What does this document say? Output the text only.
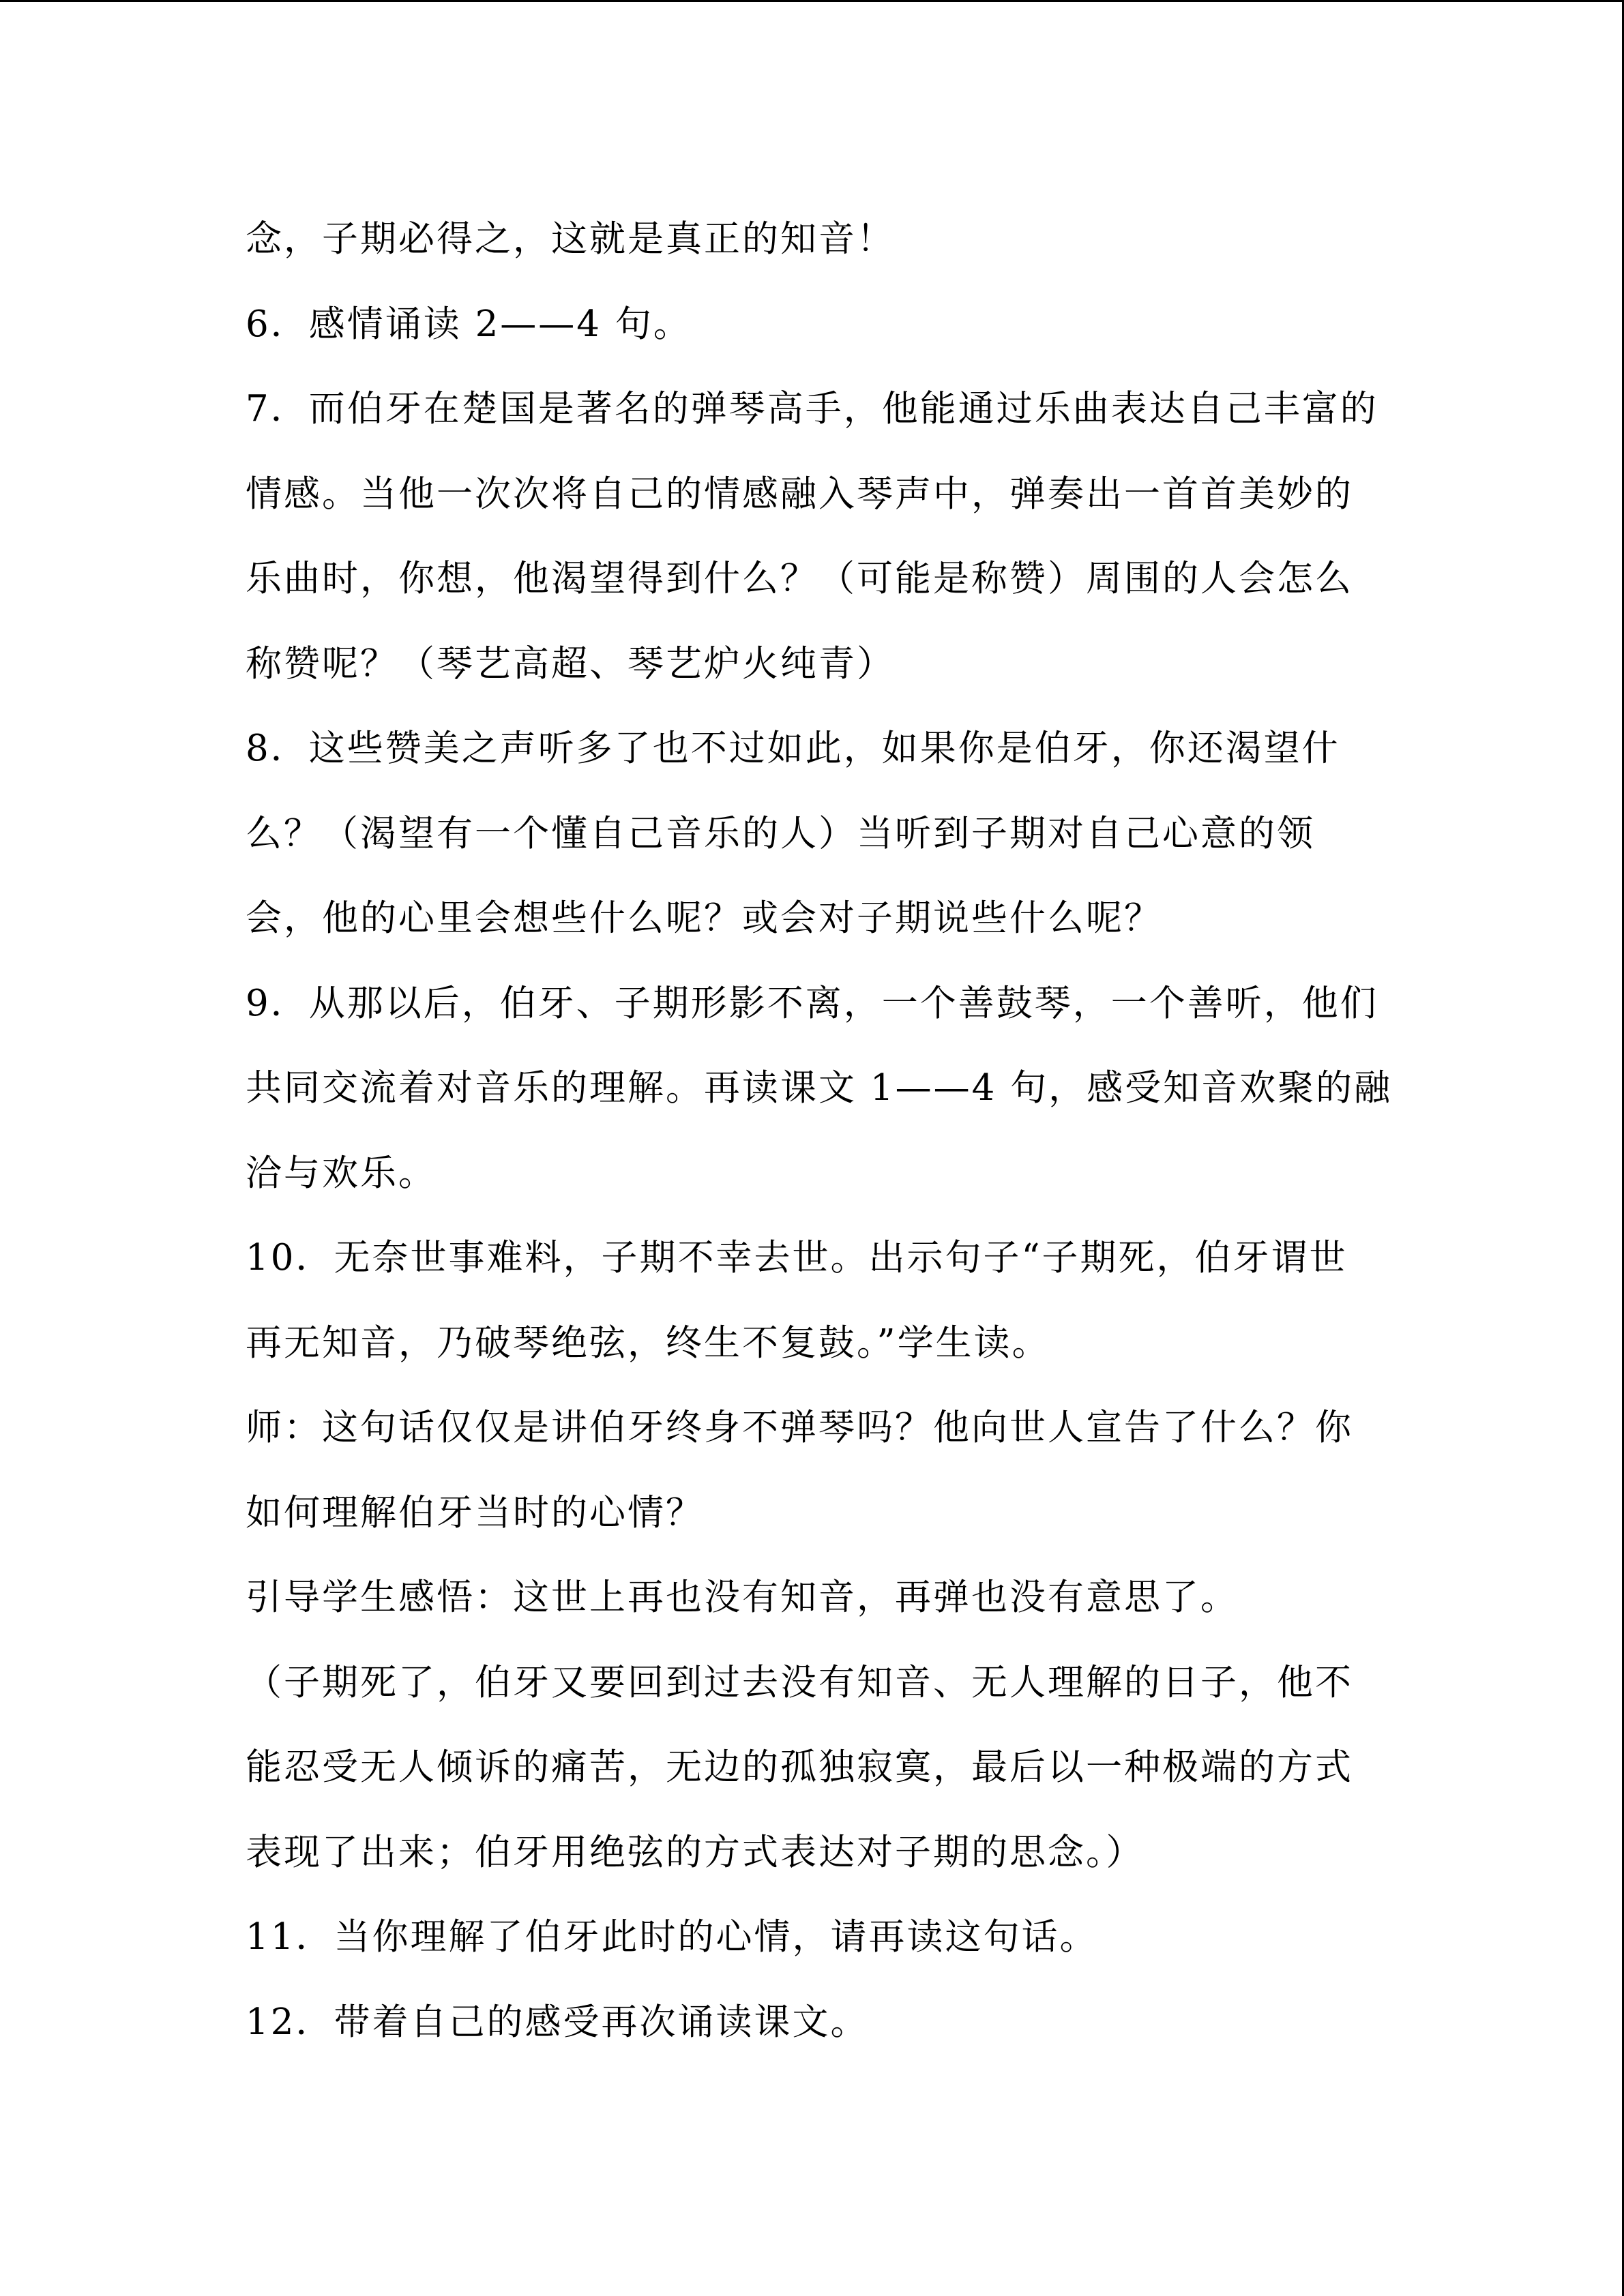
念，子期必得之，这就是真正的知音！
6．感情诵读 2——4 句。
7．而伯牙在楚国是著名的弹琴高手，他能通过乐曲表达自己丰富的
情感。当他一次次将自己的情感融入琴声中，弹奏出一首首美妙的
乐曲时，你想，他渴望得到什么？（可能是称赞）周围的人会怎么
称赞呢？（琴艺高超、琴艺炉火纯青）
8．这些赞美之声听多了也不过如此，如果你是伯牙，你还渴望什
么？（渴望有一个懂自己音乐的人）当听到子期对自己心意的领
会，他的心里会想些什么呢？或会对子期说些什么呢？
9．从那以后，伯牙、子期形影不离，一个善鼓琴，一个善听，他们
共同交流着对音乐的理解。再读课文 1——4 句，感受知音欢聚的融
洽与欢乐。
10．无奈世事难料，子期不幸去世。出示句子“子期死，伯牙谓世
再无知音，乃破琴绝弦，终生不复鼓。”学生读。
师：这句话仅仅是讲伯牙终身不弹琴吗？他向世人宣告了什么？你
如何理解伯牙当时的心情？
引导学生感悟：这世上再也没有知音，再弹也没有意思了。
（子期死了，伯牙又要回到过去没有知音、无人理解的日子，他不
能忍受无人倾诉的痛苦，无边的孤独寂寞，最后以一种极端的方式
表现了出来；伯牙用绝弦的方式表达对子期的思念。）
11．当你理解了伯牙此时的心情，请再读这句话。
12．带着自己的感受再次诵读课文。
